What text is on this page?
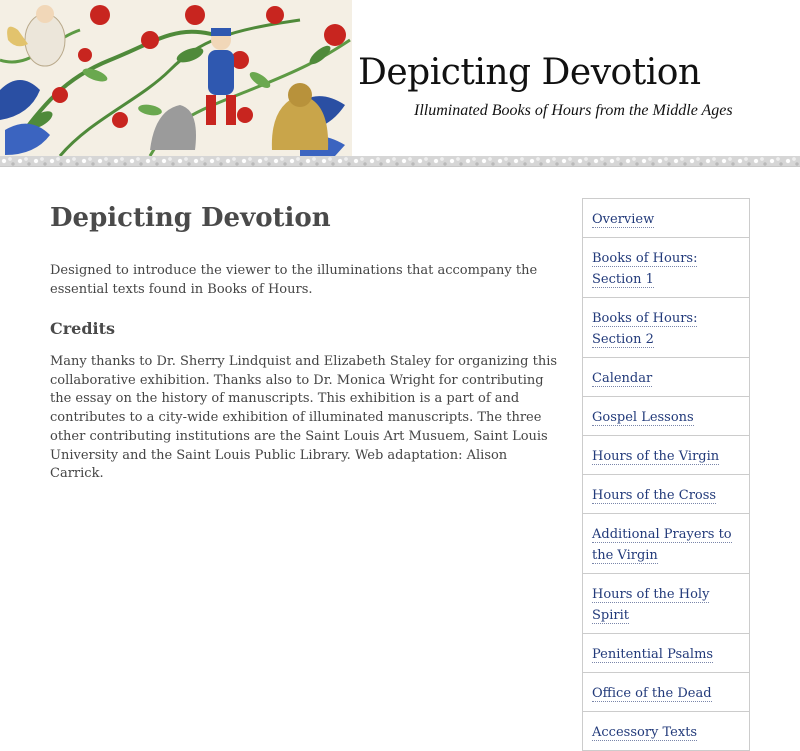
Depicting Devotion
Illuminated Books of Hours from the Middle Ages
Depicting Devotion

Designed to introduce the viewer to the illuminations that accompany the essential texts found in Books of Hours.

Credits

Many thanks to Dr. Sherry Lindquist and Elizabeth Staley for organizing this collaborative exhibition. Thanks also to Dr. Monica Wright for contributing the essay on the history of manuscripts. This exhibition is a part of and contributes to a city-wide exhibition of illuminated manuscripts. The three other contributing institutions are the Saint Louis Art Musuem, Saint Louis University and the Saint Louis Public Library. Web adaptation: Alison Carrick.

Overview
Books of Hours: Section 1
Books of Hours: Section 2
Calendar
Gospel Lessons
Hours of the Virgin
Hours of the Cross
Additional Prayers to the Virgin
Hours of the Holy Spirit
Penitential Psalms
Office of the Dead
Accessory Texts
